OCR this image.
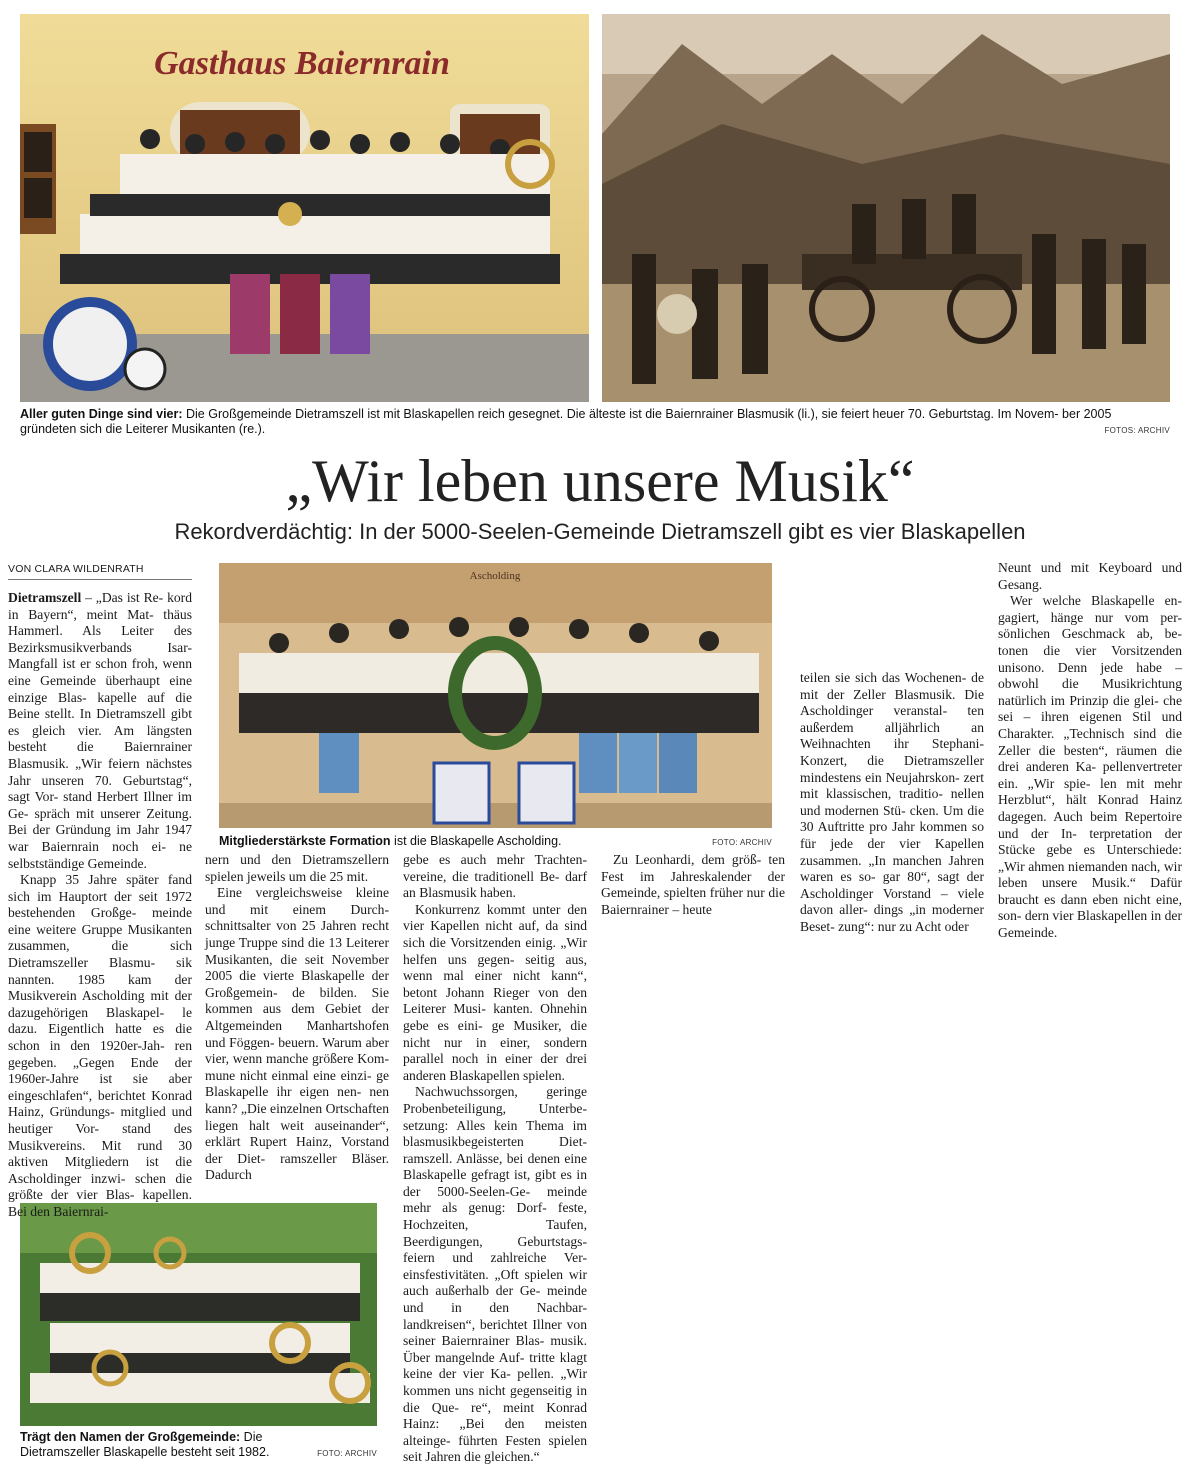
Gasthaus Baiernrain
Aller guten Dinge sind vier: Die Großgemeinde Dietramszell ist mit Blaskapellen reich gesegnet. Die älteste ist die Baiernrainer Blasmusik (li.), sie feiert heuer 70. Geburtstag. Im Novem- ber 2005 gründeten sich die Leiterer Musikanten (re.).	FOTOS: ARCHIV
„Wir leben unsere Musik“
Rekordverdächtig: In der 5000-Seelen-Gemeinde Dietramszell gibt es vier Blaskapellen
VON CLARA WILDENRATH
Ascholding
Mitgliederstärkste Formation ist die Blaskapelle Ascholding.	FOTO: ARCHIV
Trägt den Namen der Großgemeinde: Die Dietramszeller Blaskapelle besteht seit 1982.	FOTO: ARCHIV

Dietramszell – „Das ist Re- kord in Bayern“, meint Mat- thäus Hammerl. Als Leiter des Bezirksmusikverbands Isar-Mangfall ist er schon froh, wenn eine Gemeinde überhaupt eine einzige Blas- kapelle auf die Beine stellt. In Dietramszell gibt es gleich vier. Am längsten besteht die Baiernrainer Blasmusik. „Wir feiern nächstes Jahr unseren 70. Geburtstag“, sagt Vor- stand Herbert Illner im Ge- spräch mit unserer Zeitung. Bei der Gründung im Jahr 1947 war Baiernrain noch ei- ne selbstständige Gemeinde.

Knapp 35 Jahre später fand sich im Hauptort der seit 1972 bestehenden Großge- meinde eine weitere Gruppe Musikanten zusammen, die sich Dietramszeller Blasmu- sik nannten. 1985 kam der Musikverein Ascholding mit der dazugehörigen Blaskapel- le dazu. Eigentlich hatte es die schon in den 1920er-Jah- ren gegeben. „Gegen Ende der 1960er-Jahre ist sie aber eingeschlafen“, berichtet Konrad Hainz, Gründungs- mitglied und heutiger Vor- stand des Musikvereins. Mit rund 30 aktiven Mitgliedern ist die Ascholdinger inzwi- schen die größte der vier Blas- kapellen. Bei den Baiernrai-

nern und den Dietramszellern spielen jeweils um die 25 mit.

Eine vergleichsweise kleine und mit einem Durch- schnittsalter von 25 Jahren recht junge Truppe sind die 13 Leiterer Musikanten, die seit November 2005 die vierte Blaskapelle der Großgemein- de bilden. Sie kommen aus dem Gebiet der Altgemeinden Manhartshofen und Föggen- beuern. Warum aber vier, wenn manche größere Kom- mune nicht einmal eine einzi- ge Blaskapelle ihr eigen nen- nen kann? „Die einzelnen Ortschaften liegen halt weit auseinander“, erklärt Rupert Hainz, Vorstand der Diet- ramszeller Bläser. Dadurch

gebe es auch mehr Trachten- vereine, die traditionell Be- darf an Blasmusik haben.

Konkurrenz kommt unter den vier Kapellen nicht auf, da sind sich die Vorsitzenden einig. „Wir helfen uns gegen- seitig aus, wenn mal einer nicht kann“, betont Johann Rieger von den Leiterer Musi- kanten. Ohnehin gebe es eini- ge Musiker, die nicht nur in einer, sondern parallel noch in einer der drei anderen Blaskapellen spielen.

Nachwuchssorgen, geringe Probenbeteiligung, Unterbe- setzung: Alles kein Thema im blasmusikbegeisterten Diet- ramszell. Anlässe, bei denen eine Blaskapelle gefragt ist, gibt es in der 5000-Seelen-Ge- meinde mehr als genug: Dorf- feste, Hochzeiten, Taufen, Beerdigungen, Geburtstags- feiern und zahlreiche Ver- einsfestivitäten. „Oft spielen wir auch außerhalb der Ge- meinde und in den Nachbar- landkreisen“, berichtet Illner von seiner Baiernrainer Blas- musik. Über mangelnde Auf- tritte klagt keine der vier Ka- pellen. „Wir kommen uns nicht gegenseitig in die Que- re“, meint Konrad Hainz: „Bei den meisten alteinge- führten Festen spielen seit Jahren die gleichen.“

Zu Leonhardi, dem größ- ten Fest im Jahreskalender der Gemeinde, spielten früher nur die Baiernrainer – heute

teilen sie sich das Wochenen- de mit der Zeller Blasmusik. Die Ascholdinger veranstal- ten außerdem alljährlich an Weihnachten ihr Stephani- Konzert, die Dietramszeller mindestens ein Neujahrskon- zert mit klassischen, traditio- nellen und modernen Stü- cken. Um die 30 Auftritte pro Jahr kommen so für jede der vier Kapellen zusammen. „In manchen Jahren waren es so- gar 80“, sagt der Ascholdinger Vorstand – viele davon aller- dings „in moderner Beset- zung“: nur zu Acht oder

Neunt und mit Keyboard und Gesang.

Wer welche Blaskapelle en- gagiert, hänge nur vom per- sönlichen Geschmack ab, be- tonen die vier Vorsitzenden unisono. Denn jede habe – obwohl die Musikrichtung natürlich im Prinzip die glei- che sei – ihren eigenen Stil und Charakter. „Technisch sind die Zeller die besten“, räumen die drei anderen Ka- pellenvertreter ein. „Wir spie- len mit mehr Herzblut“, hält Konrad Hainz dagegen. Auch beim Repertoire und der In- terpretation der Stücke gebe es Unterschiede: „Wir ahmen niemanden nach, wir leben unsere Musik.“ Dafür braucht es dann eben nicht eine, son- dern vier Blaskapellen in der Gemeinde.
